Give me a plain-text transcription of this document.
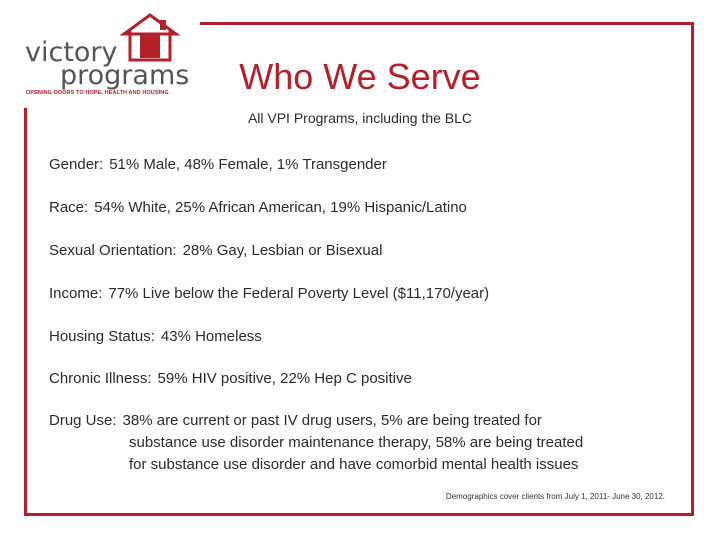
victory
programs
OPENING DOORS TO HOPE, HEALTH AND HOUSING	Who We Serve
All VPI Programs, including the BLC
Gender: 51% Male, 48% Female, 1% Transgender
Race: 54% White, 25% African American, 19% Hispanic/Latino
Sexual Orientation: 28% Gay, Lesbian or Bisexual
Income: 77% Live below the Federal Poverty Level ($11,170/year)
Housing Status: 43% Homeless
Chronic Illness: 59% HIV positive, 22% Hep C positive
Drug Use: 38% are current or past IV drug users, 5% are being treated for
substance use disorder maintenance therapy, 58% are being treated
for substance use disorder and have comorbid mental health issues
Demographics cover clients from July 1, 2011- June 30, 2012.
